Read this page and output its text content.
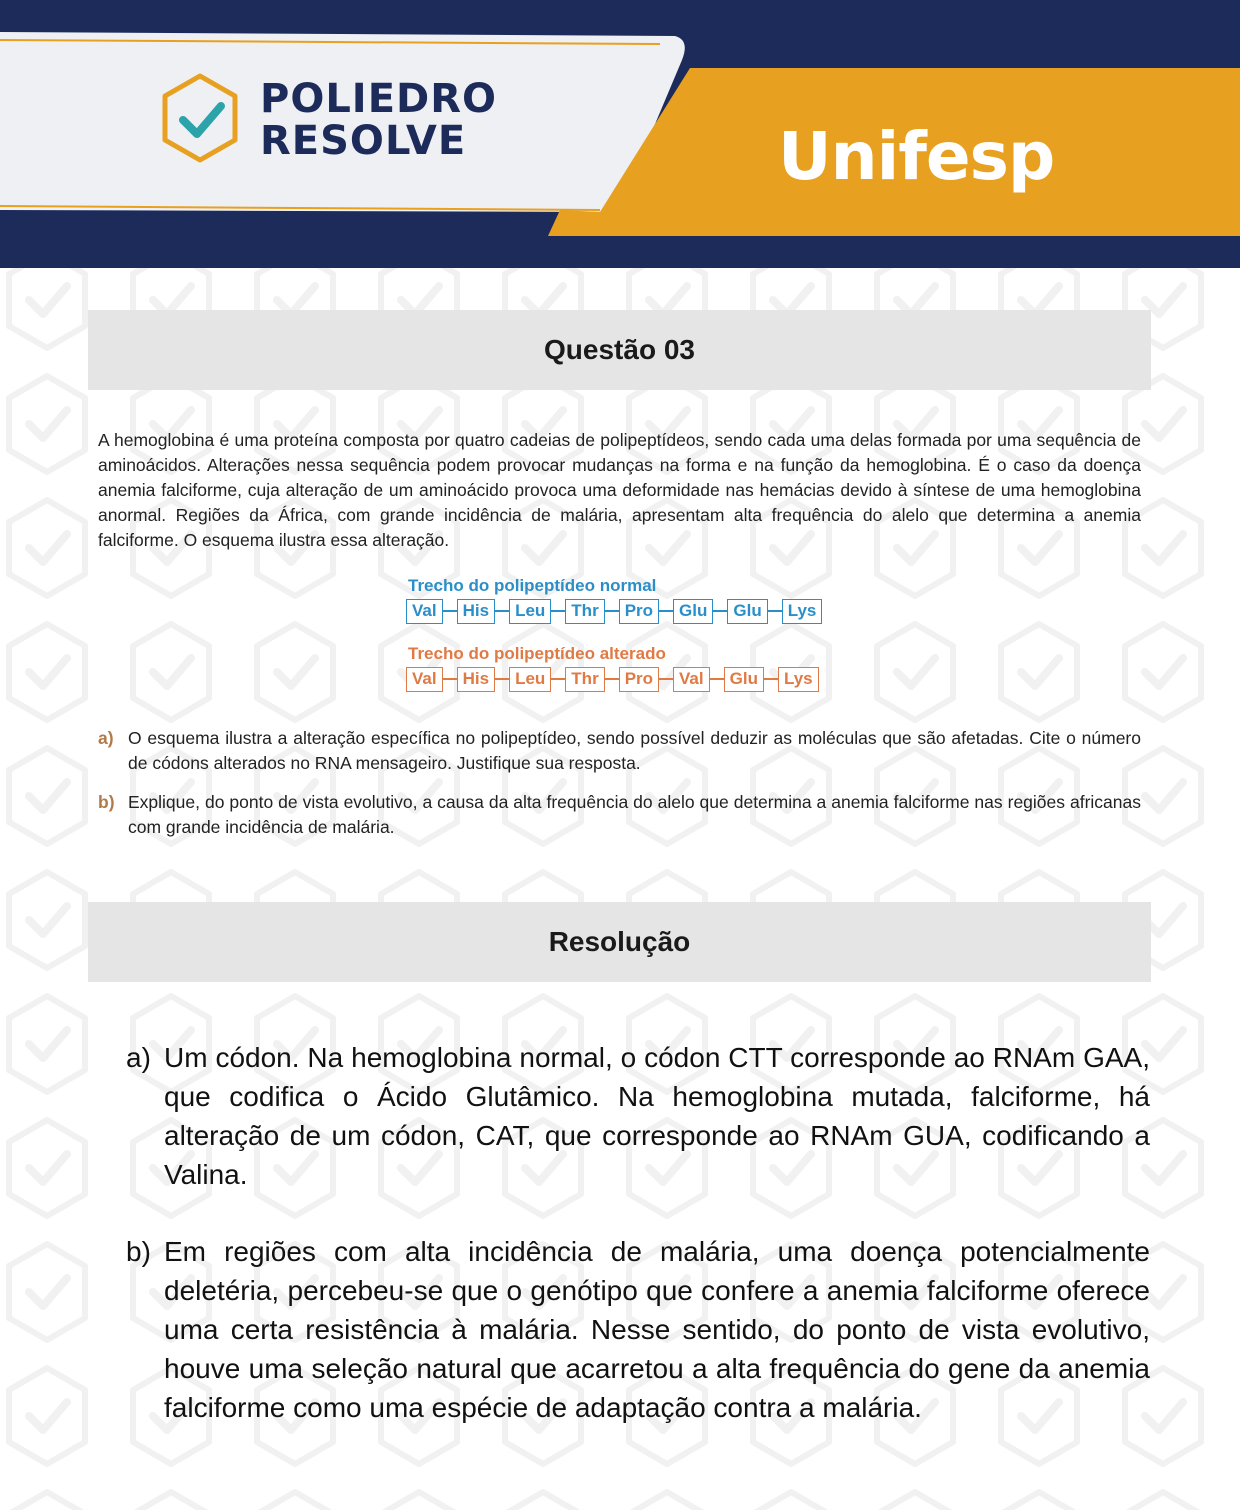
POLIEDRO
RESOLVE	Unifesp
Questão 03
A hemoglobina é uma proteína composta por quatro cadeias de polipeptídeos, sendo cada uma delas formada por uma sequência de aminoácidos. Alterações nessa sequência podem provocar mudanças na forma e na função da hemoglobina. É o caso da doença anemia falciforme, cuja alteração de um aminoácido provoca uma deformidade nas hemácias devido à síntese de uma hemoglobina anormal. Regiões da África, com grande incidência de malária, apresentam alta frequência do alelo que determina a anemia falciforme. O esquema ilustra essa alteração.
Trecho do polipeptídeo normal
Val	His	Leu	Thr	Pro	Glu	Glu	Lys
Trecho do polipeptídeo alterado
Val	His	Leu	Thr	Pro	Val	Glu	Lys
a) O esquema ilustra a alteração específica no polipeptídeo, sendo possível deduzir as moléculas que são afetadas. Cite o número de códons alterados no RNA mensageiro. Justifique sua resposta.
b) Explique, do ponto de vista evolutivo, a causa da alta frequência do alelo que determina a anemia falciforme nas regiões africanas com grande incidência de malária.
Resolução
a) Um códon. Na hemoglobina normal, o códon CTT corresponde ao RNAm GAA, que codifica o Ácido Glutâmico. Na hemoglobina mutada, falciforme, há alteração de um códon, CAT, que corresponde ao RNAm GUA, codificando a Valina.
b) Em regiões com alta incidência de malária, uma doença potencialmente deletéria, percebeu-se que o genótipo que confere a anemia falciforme oferece uma certa resistência à malária. Nesse sentido, do ponto de vista evolutivo, houve uma seleção natural que acarretou a alta frequência do gene da anemia falciforme como uma espécie de adaptação contra a malária.
